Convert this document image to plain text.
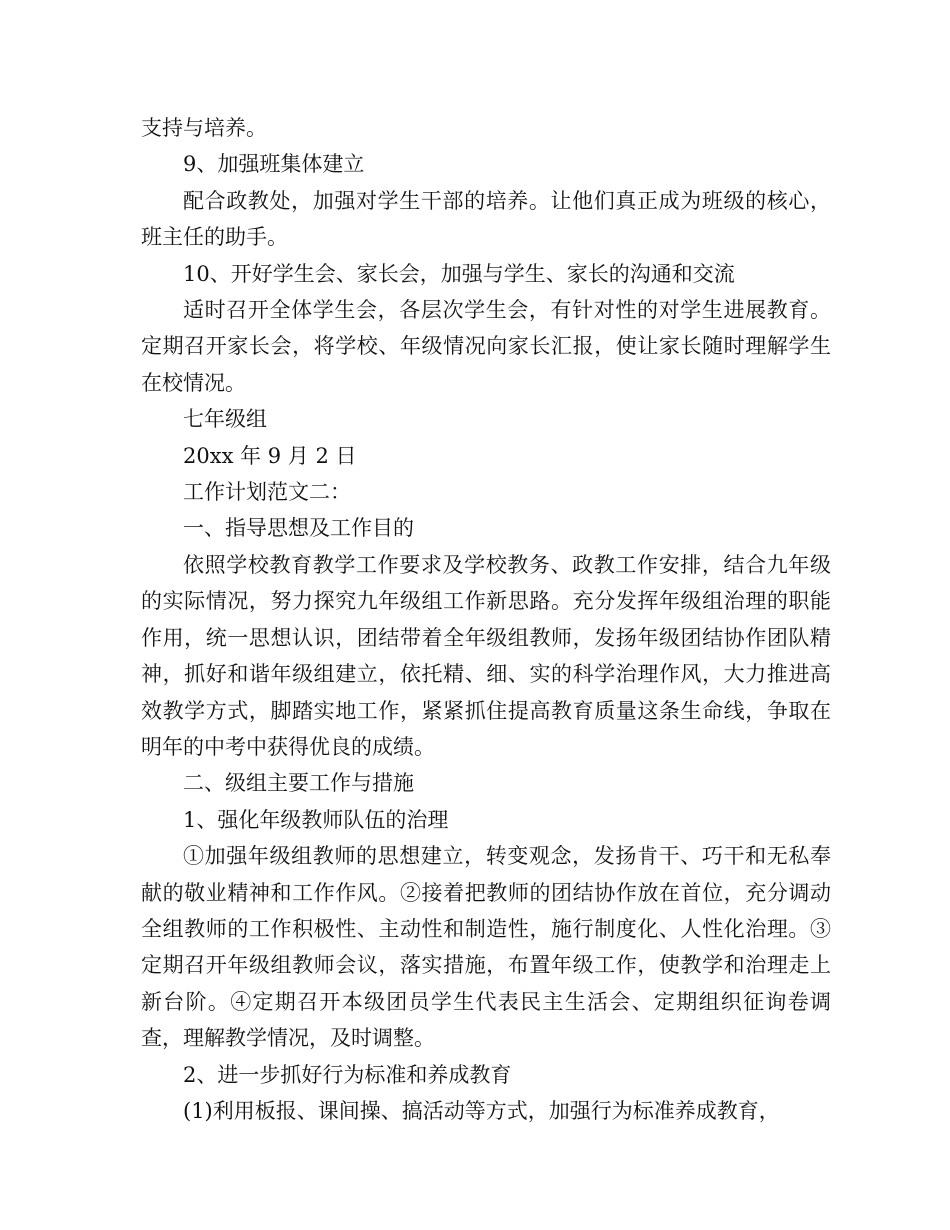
支持与培养。

9、加强班集体建立

配合政教处，加强对学生干部的培养。让他们真正成为班级的核心，班主任的助手。

10、开好学生会、家长会，加强与学生、家长的沟通和交流

适时召开全体学生会，各层次学生会，有针对性的对学生进展教育。定期召开家长会，将学校、年级情况向家长汇报，使让家长随时理解学生在校情况。

七年级组

20xx 年 9 月 2 日

工作计划范文二：

一、指导思想及工作目的

依照学校教育教学工作要求及学校教务、政教工作安排，结合九年级的实际情况，努力探究九年级组工作新思路。充分发挥年级组治理的职能作用，统一思想认识，团结带着全年级组教师，发扬年级团结协作团队精神，抓好和谐年级组建立，依托精、细、实的科学治理作风，大力推进高效教学方式，脚踏实地工作，紧紧抓住提高教育质量这条生命线，争取在明年的中考中获得优良的成绩。

二、级组主要工作与措施

1、强化年级教师队伍的治理

①加强年级组教师的思想建立，转变观念，发扬肯干、巧干和无私奉献的敬业精神和工作作风。②接着把教师的团结协作放在首位，充分调动全组教师的工作积极性、主动性和制造性，施行制度化、人性化治理。③定期召开年级组教师会议，落实措施，布置年级工作，使教学和治理走上新台阶。④定期召开本级团员学生代表民主生活会、定期组织征询卷调查，理解教学情况，及时调整。

2、进一步抓好行为标准和养成教育

(1)利用板报、课间操、搞活动等方式，加强行为标准养成教育，
